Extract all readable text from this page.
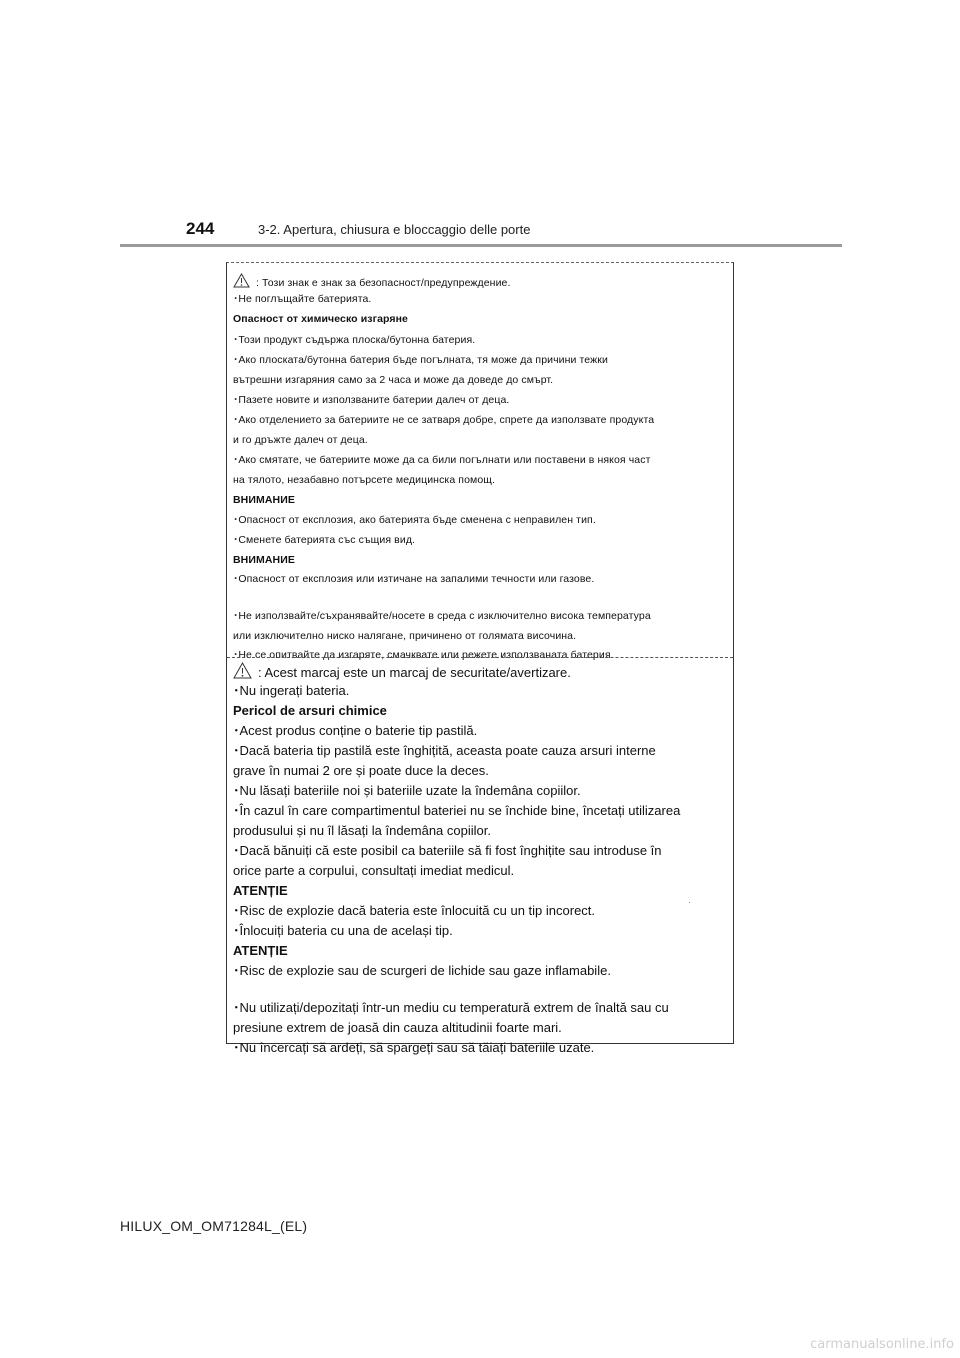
244	3-2. Apertura, chiusura e bloccaggio delle porte
: Този знак е знак за безопасност/предупреждение.
･Не поглъщайте батерията.
Опасност от химическо изгаряне
･Този продукт съдържа плоска/бутонна батерия.
･Ако плоската/бутонна батерия бъде погълната, тя може да причини тежки
вътрешни изгаряния само за 2 часа и може да доведе до смърт.
･Пазете новите и използваните батерии далеч от деца.
･Ако отделението за батериите не се затваря добре, спрете да използвате продукта
и го дръжте далеч от деца.
･Ако смятате, че батериите може да са били погълнати или поставени в някоя част
на тялото, незабавно потърсете медицинска помощ.
ВНИМАНИЕ
･Опасност от експлозия, ако батерията бъде сменена с неправилен тип.
･Сменете батерията със същия вид.
ВНИМАНИЕ
･Опасност от експлозия или изтичане на запалими течности или газове.
･Не използвайте/съхранявайте/носете в среда с изключително висока температура
или изключително ниско налягане, причинено от голямата височина.
･Не се опитвайте да изгаряте, смачквате или режете използваната батерия.
: Acest marcaj este un marcaj de securitate/avertizare.
･Nu ingerați bateria.
Pericol de arsuri chimice
･Acest produs conține o baterie tip pastilă.
･Dacă bateria tip pastilă este înghițită, aceasta poate cauza arsuri interne
grave în numai 2 ore și poate duce la deces.
･Nu lăsați bateriile noi și bateriile uzate la îndemâna copiilor.
･În cazul în care compartimentul bateriei nu se închide bine, încetați utilizarea
produsului și nu îl lăsați la îndemâna copiilor.
･Dacă bănuiți că este posibil ca bateriile să fi fost înghițite sau introduse în
orice parte a corpului, consultați imediat medicul.
ATENȚIE
･Risc de explozie dacă bateria este înlocuită cu un tip incorect.
･Înlocuiți bateria cu una de același tip.
ATENȚIE
･Risc de explozie sau de scurgeri de lichide sau gaze inflamabile.
･Nu utilizați/depozitați într-un mediu cu temperatură extrem de înaltă sau cu
presiune extrem de joasă din cauza altitudinii foarte mari.
･Nu încercați să ardeți, să spargeți sau să tăiați bateriile uzate.
HILUX_OM_OM71284L_(EL)
carmanualsonline.info
